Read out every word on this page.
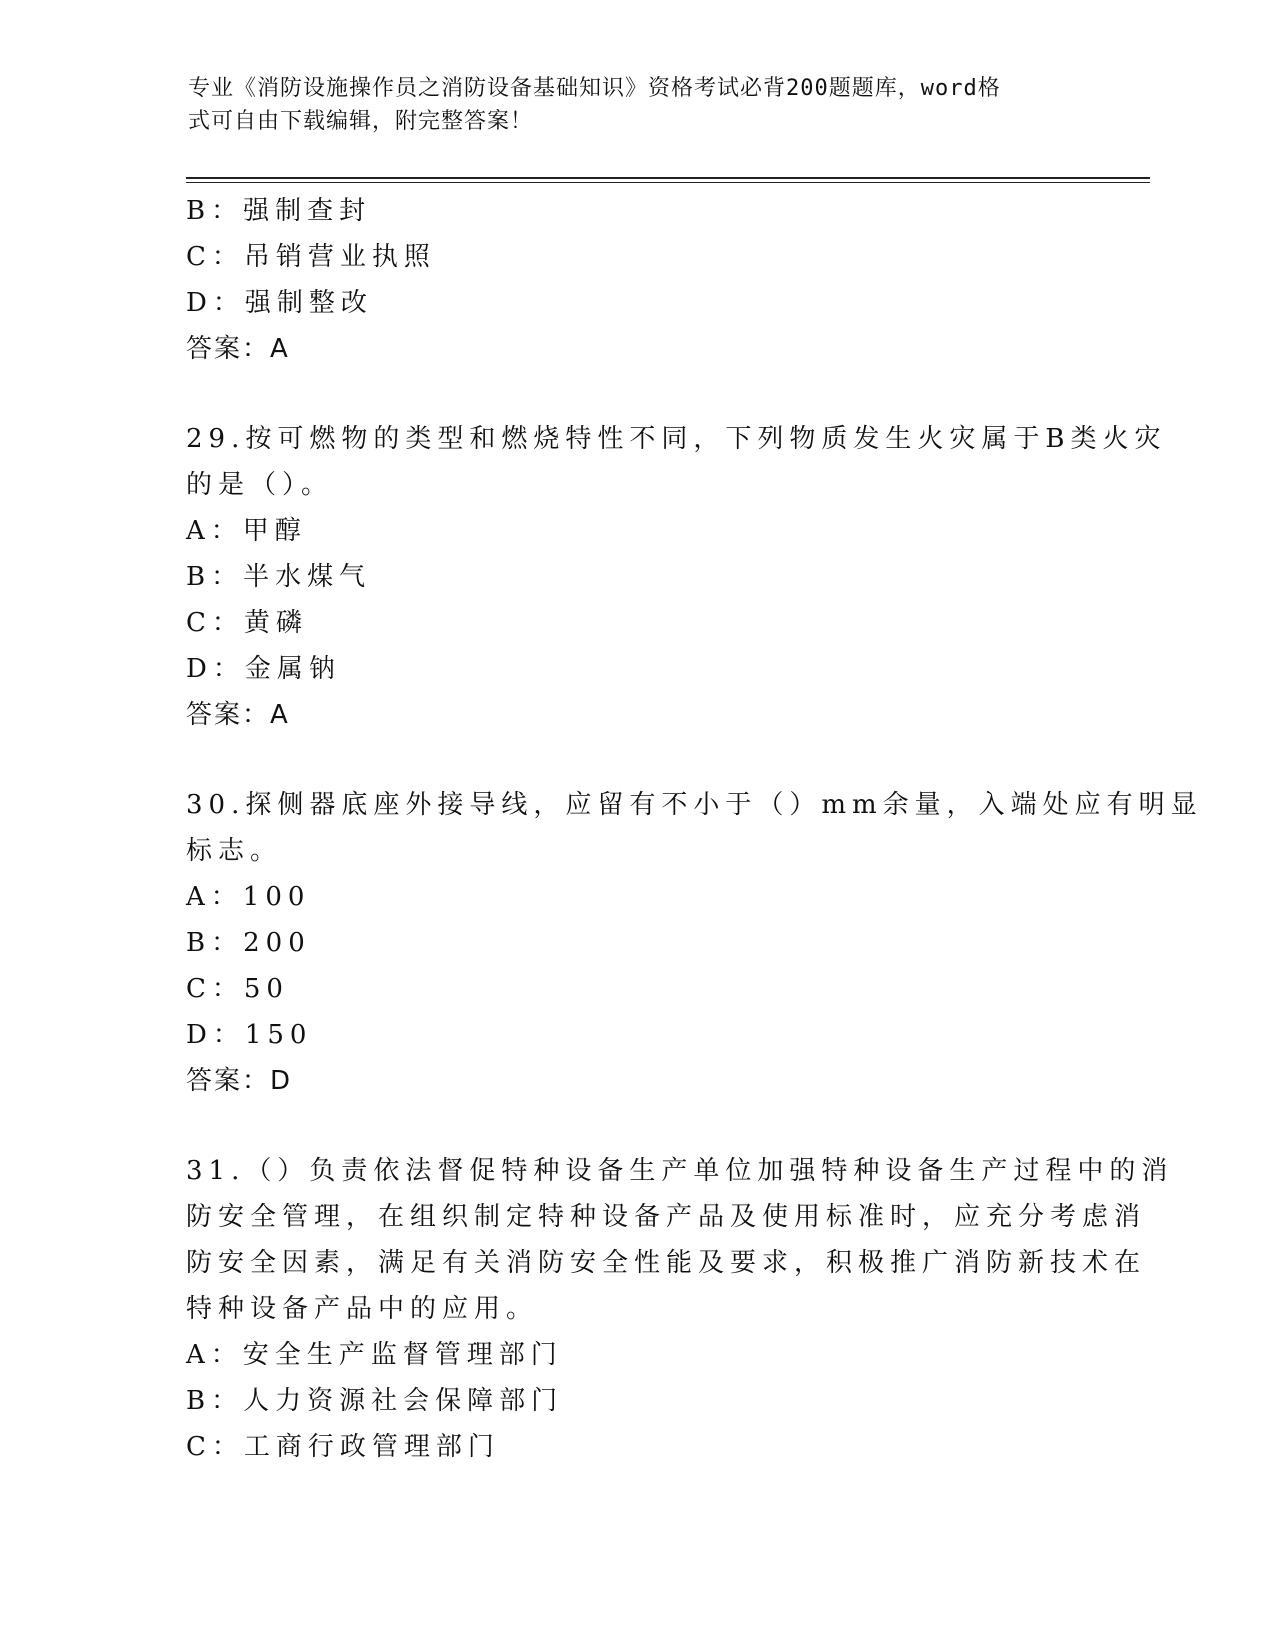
专业《消防设施操作员之消防设备基础知识》资格考试必背200题题库，word格
式可自由下载编辑，附完整答案！
B：强制查封
C：吊销营业执照
D：强制整改
答案：A
29.按可燃物的类型和燃烧特性不同，下列物质发生火灾属于B类火灾
的是（）。
A：甲醇
B：半水煤气
C：黄磷
D：金属钠
答案：A
30.探侧器底座外接导线，应留有不小于（）mm余量，入端处应有明显
标志。
A：100
B：200
C：50
D：150
答案：D
31.（）负责依法督促特种设备生产单位加强特种设备生产过程中的消
防安全管理，在组织制定特种设备产品及使用标准时，应充分考虑消
防安全因素，满足有关消防安全性能及要求，积极推广消防新技术在
特种设备产品中的应用。
A：安全生产监督管理部门
B：人力资源社会保障部门
C：工商行政管理部门
